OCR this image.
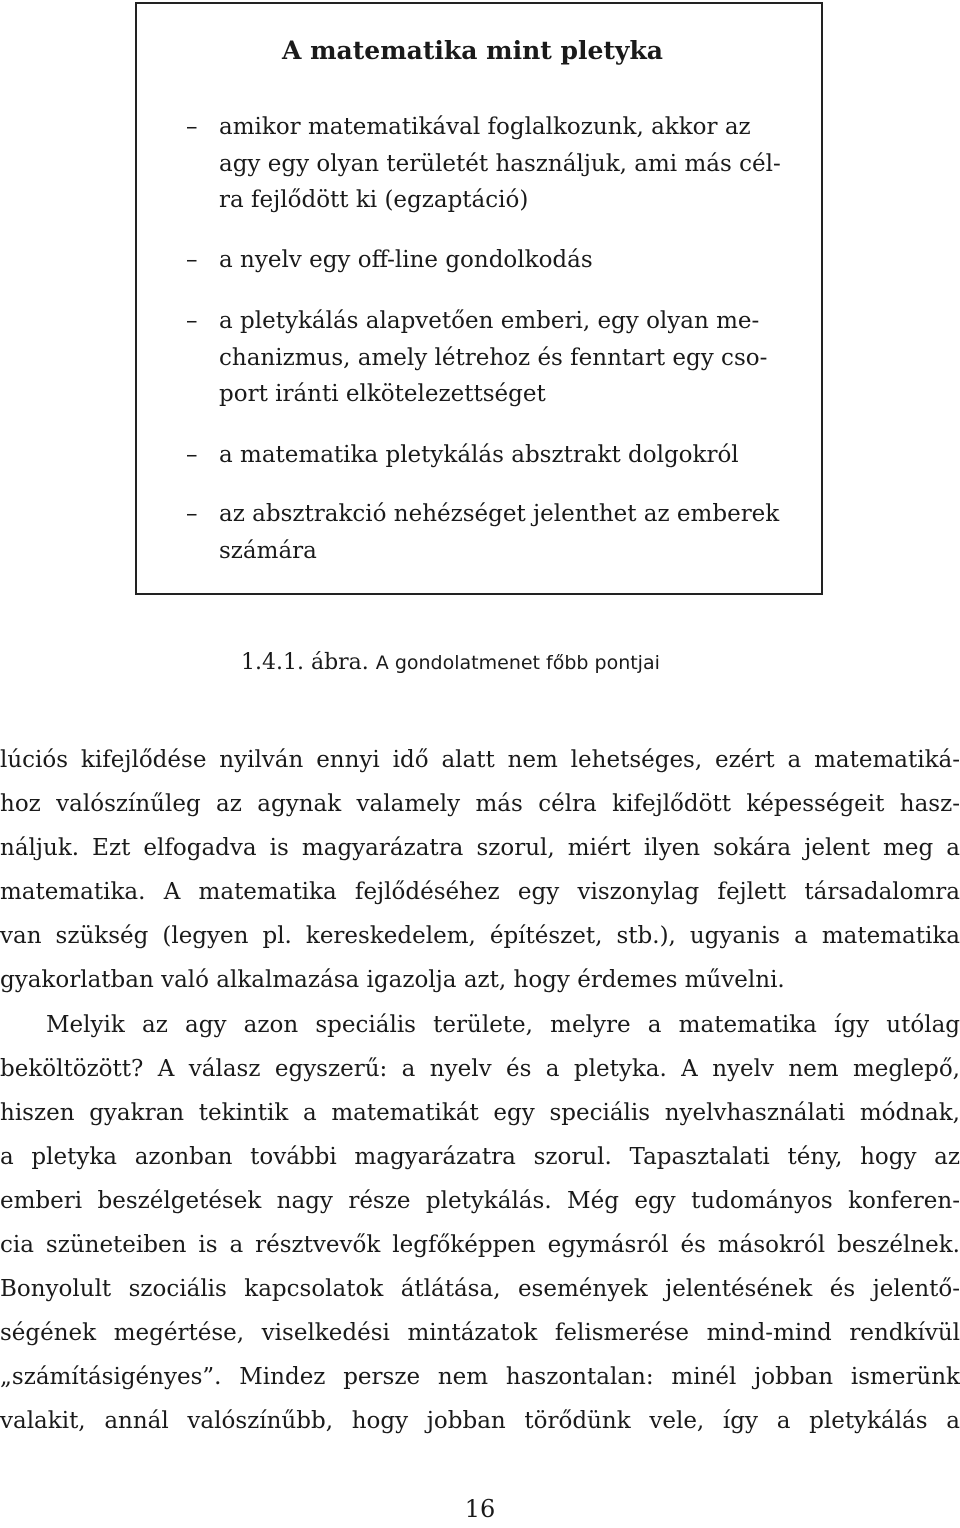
A matematika mint pletyka
– amikor matematikával foglalkozunk, akkor az
agy egy olyan területét használjuk, ami más cél-
ra fejlődött ki (egzaptáció)
– a nyelv egy off-line gondolkodás
– a pletykálás alapvetően emberi, egy olyan me-
chanizmus, amely létrehoz és fenntart egy cso-
port iránti elkötelezettséget
– a matematika pletykálás absztrakt dolgokról
– az absztrakció nehézséget jelenthet az emberek
számára

1.4.1. ábra. A gondolatmenet főbb pontjai

lúciós kifejlődése nyilván ennyi idő alatt nem lehetséges, ezért a matematiká-
hoz valószínűleg az agynak valamely más célra kifejlődött képességeit hasz-
náljuk. Ezt elfogadva is magyarázatra szorul, miért ilyen sokára jelent meg a
matematika. A matematika fejlődéséhez egy viszonylag fejlett társadalomra
van szükség (legyen pl. kereskedelem, építészet, stb.), ugyanis a matematika
gyakorlatban való alkalmazása igazolja azt, hogy érdemes művelni.
Melyik az agy azon speciális területe, melyre a matematika így utólag
beköltözött? A válasz egyszerű: a nyelv és a pletyka. A nyelv nem meglepő,
hiszen gyakran tekintik a matematikát egy speciális nyelvhasználati módnak,
a pletyka azonban további magyarázatra szorul. Tapasztalati tény, hogy az
emberi beszélgetések nagy része pletykálás. Még egy tudományos konferen-
cia szüneteiben is a résztvevők legfőképpen egymásról és másokról beszélnek.
Bonyolult szociális kapcsolatok átlátása, események jelentésének és jelentő-
ségének megértése, viselkedési mintázatok felismerése mind-mind rendkívül
„számításigényes”. Mindez persze nem haszontalan: minél jobban ismerünk
valakit, annál valószínűbb, hogy jobban törődünk vele, így a pletykálás a
16
